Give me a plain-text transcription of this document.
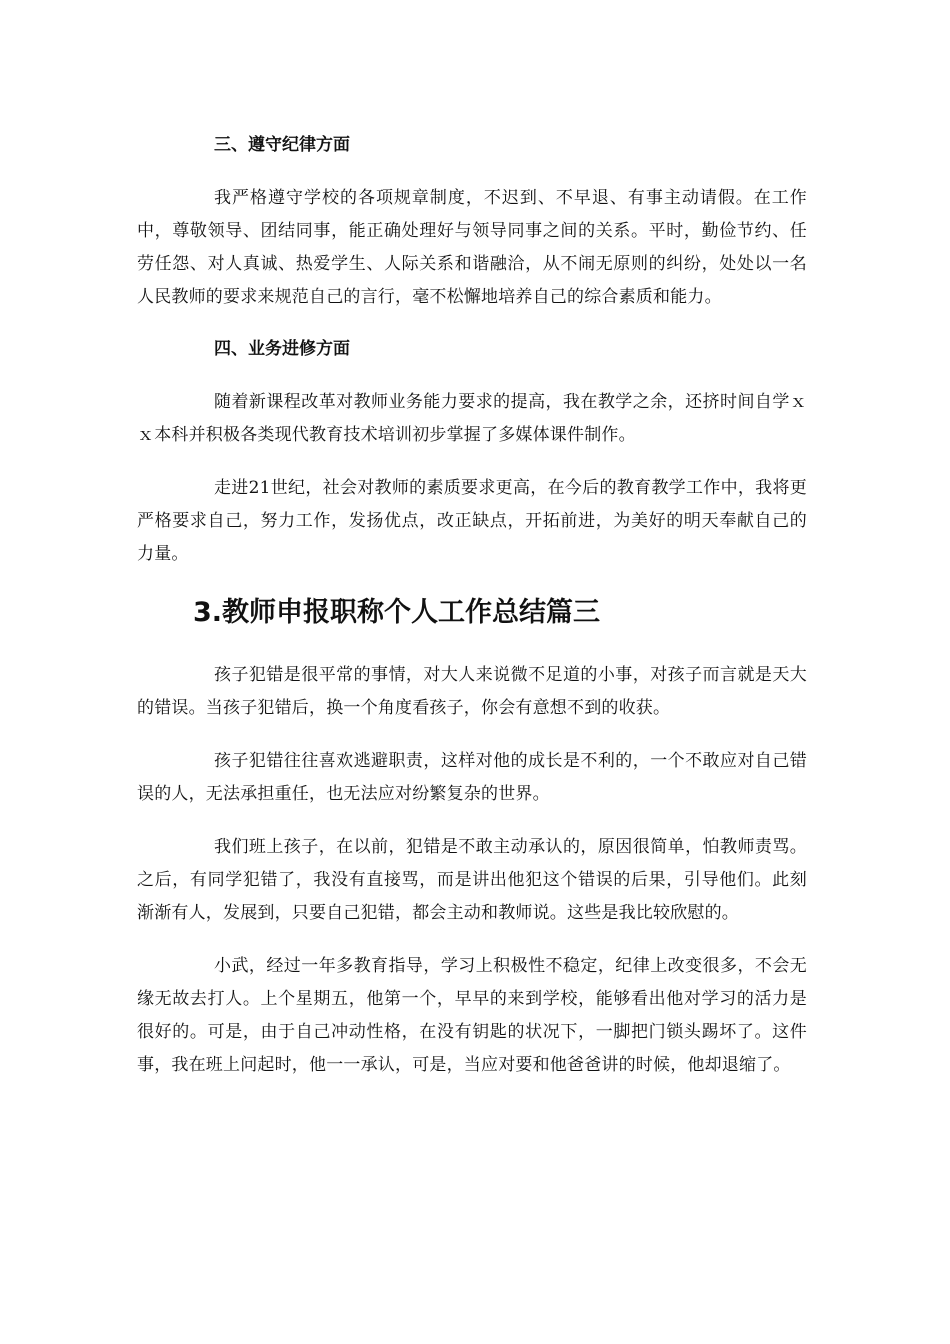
三、遵守纪律方面

我严格遵守学校的各项规章制度，不迟到、不早退、有事主动请假。在工作中，尊敬领导、团结同事，能正确处理好与领导同事之间的关系。平时，勤俭节约、任劳任怨、对人真诚、热爱学生、人际关系和谐融洽，从不闹无原则的纠纷，处处以一名人民教师的要求来规范自己的言行，毫不松懈地培养自己的综合素质和能力。

四、业务进修方面

随着新课程改革对教师业务能力要求的提高，我在教学之余，还挤时间自学ｘｘ本科并积极各类现代教育技术培训初步掌握了多媒体课件制作。

走进21世纪，社会对教师的素质要求更高，在今后的教育教学工作中，我将更严格要求自己，努力工作，发扬优点，改正缺点，开拓前进，为美好的明天奉献自己的力量。

3.教师申报职称个人工作总结篇三

孩子犯错是很平常的事情，对大人来说微不足道的小事，对孩子而言就是天大的错误。当孩子犯错后，换一个角度看孩子，你会有意想不到的收获。

孩子犯错往往喜欢逃避职责，这样对他的成长是不利的，一个不敢应对自己错误的人，无法承担重任，也无法应对纷繁复杂的世界。

我们班上孩子，在以前，犯错是不敢主动承认的，原因很简单，怕教师责骂。之后，有同学犯错了，我没有直接骂，而是讲出他犯这个错误的后果，引导他们。此刻渐渐有人，发展到，只要自己犯错，都会主动和教师说。这些是我比较欣慰的。

小武，经过一年多教育指导，学习上积极性不稳定，纪律上改变很多，不会无缘无故去打人。上个星期五，他第一个，早早的来到学校，能够看出他对学习的活力是很好的。可是，由于自己冲动性格，在没有钥匙的状况下，一脚把门锁头踢坏了。这件事，我在班上问起时，他一一承认，可是，当应对要和他爸爸讲的时候，他却退缩了。
